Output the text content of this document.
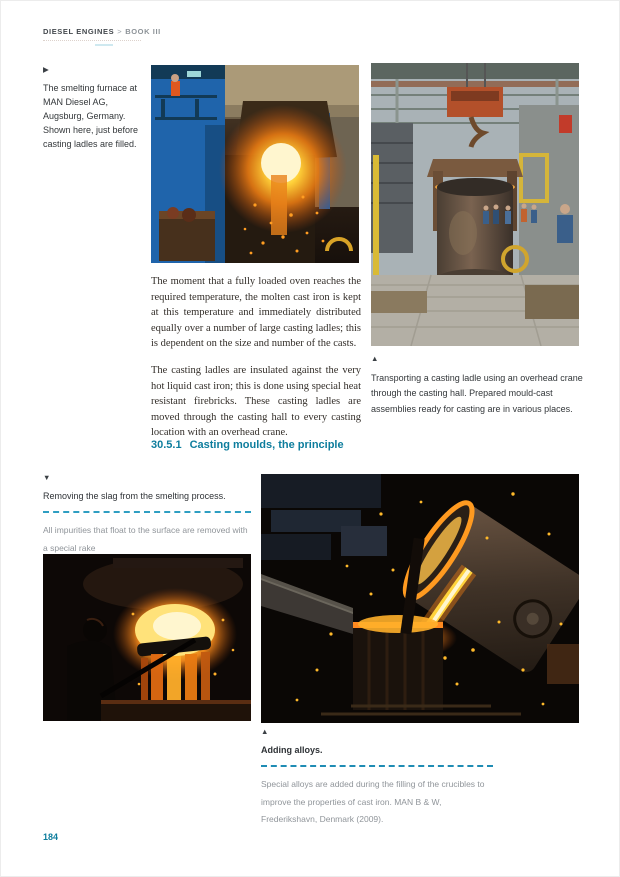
DIESEL ENGINES > BOOK III
▶
The smelting furnace at MAN Diesel AG, Augsburg, Germany. Shown here, just before casting ladles are filled.

The moment that a fully loaded oven reaches the required temperature, the molten cast iron is kept at this temperature and immediately distributed equally over a number of large casting ladles; this is dependent on the size and number of the casts.

The casting ladles are insulated against the very hot liquid cast iron; this is done using special heat resistant firebricks. These casting ladles are moved through the casting hall to every casting location with an overhead crane.

▲
Transporting a casting ladle using an overhead crane through the casting hall. Prepared mould-cast assemblies ready for casting are in various places.
30.5.1 Casting moulds, the principle
▼
Removing the slag from the smelting process.
All impurities that float to the surface are removed with a special rake
▲
Adding alloys.
Special alloys are added during the filling of the crucibles to improve the properties of cast iron. MAN B & W, Frederikshavn, Denmark (2009).
184
